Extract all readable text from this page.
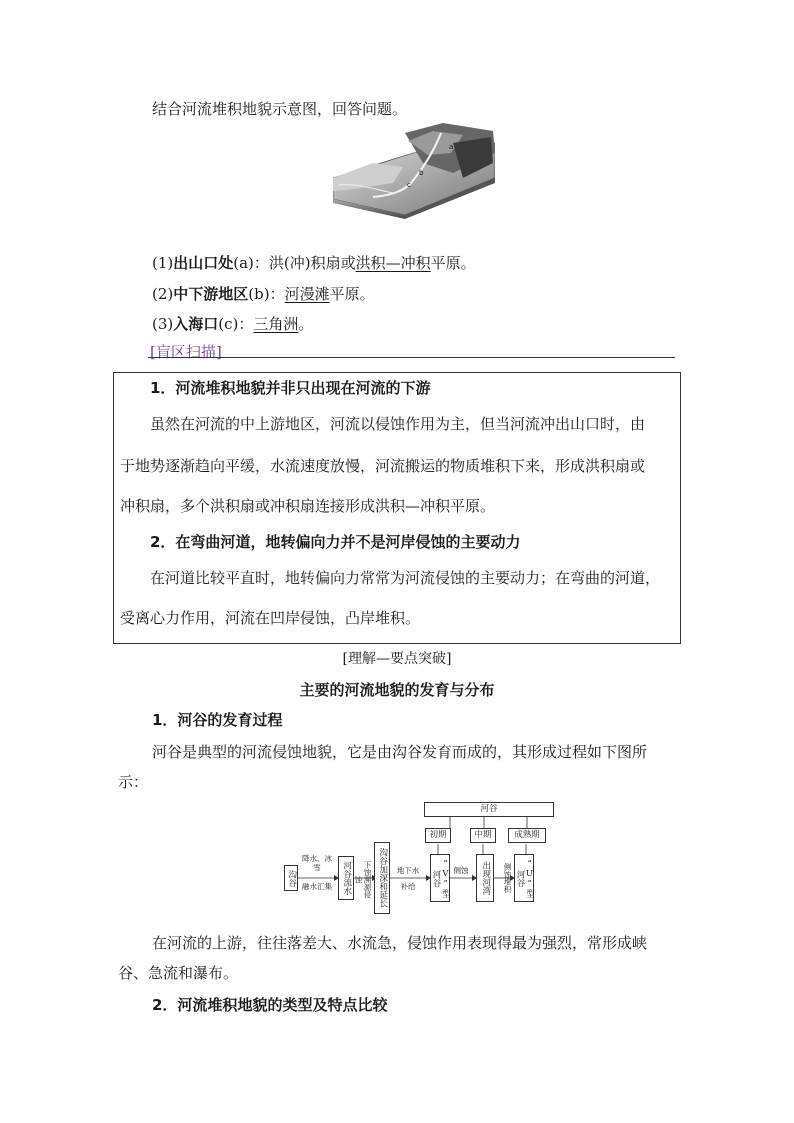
结合河流堆积地貌示意图，回答问题。
a
b
c
(1)出山口处(a)：洪(冲)积扇或洪积—冲积平原。
(2)中下游地区(b)：河漫滩平原。
(3)入海口(c)：三角洲。
[盲区扫描]
1．河流堆积地貌并非只出现在河流的下游
虽然在河流的中上游地区，河流以侵蚀作用为主，但当河流冲出山口时，由
于地势逐渐趋向平缓，水流速度放慢，河流搬运的物质堆积下来，形成洪积扇或
冲积扇，多个洪积扇或冲积扇连接形成洪积—冲积平原。
2．在弯曲河道，地转偏向力并不是河岸侵蚀的主要动力
在河道比较平直时，地转偏向力常常为河流侵蚀的主要动力；在弯曲的河道，
受离心力作用，河流在凹岸侵蚀，凸岸堆积。
[理解—要点突破]
主要的河流地貌的发育与分布
1．河谷的发育过程
河谷是典型的河流侵蚀地貌，它是由沟谷发育而成的，其形成过程如下图所
示：
河谷
初期	中期	成熟期
沟谷
降水、冰雪
融水汇集	河谷流水	下蚀溯源侵蚀	沟谷加深和延长	地下水
补给	“V”型河谷	侧蚀	出现河湾	侧蚀堆积	“U”型河谷
在河流的上游，往往落差大、水流急，侵蚀作用表现得最为强烈，常形成峡
谷、急流和瀑布。
2．河流堆积地貌的类型及特点比较
